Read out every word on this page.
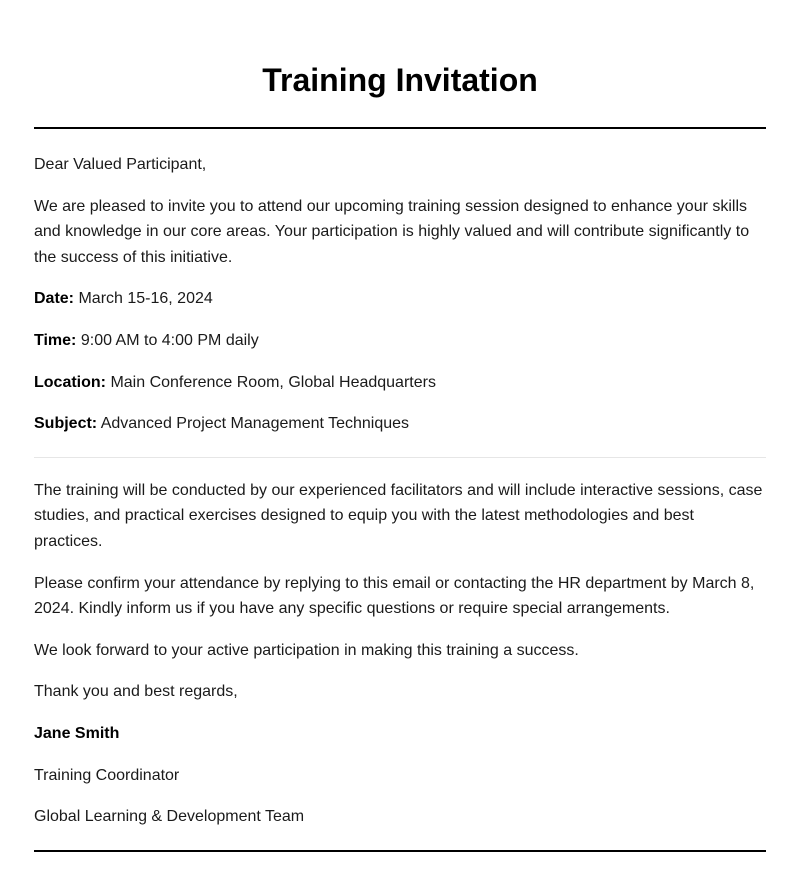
Training Invitation

Dear Valued Participant,

We are pleased to invite you to attend our upcoming training session designed to enhance your skills and knowledge in our core areas. Your participation is highly valued and will contribute significantly to the success of this initiative.

Date: March 15-16, 2024

Time: 9:00 AM to 4:00 PM daily

Location: Main Conference Room, Global Headquarters

Subject: Advanced Project Management Techniques

The training will be conducted by our experienced facilitators and will include interactive sessions, case studies, and practical exercises designed to equip you with the latest methodologies and best practices.

Please confirm your attendance by replying to this email or contacting the HR department by March 8, 2024. Kindly inform us if you have any specific questions or require special arrangements.

We look forward to your active participation in making this training a success.

Thank you and best regards,

Jane Smith

Training Coordinator

Global Learning & Development Team
